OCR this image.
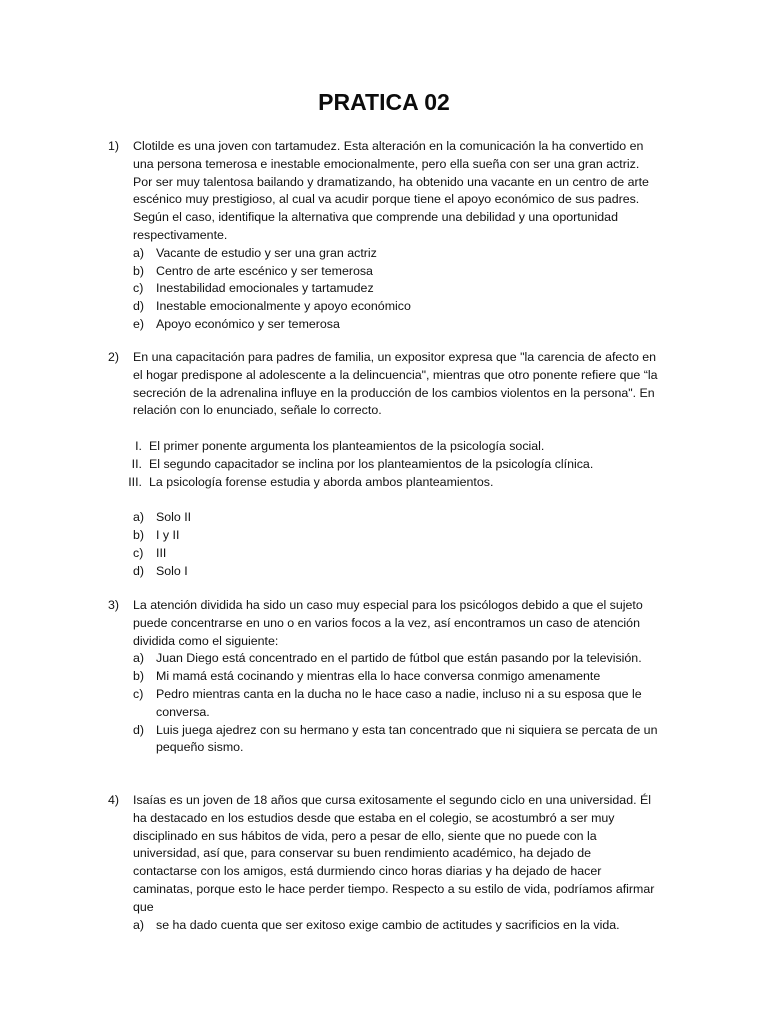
PRATICA 02
1)	Clotilde es una joven con tartamudez. Esta alteración en la comunicación la ha convertido en una persona temerosa e inestable emocionalmente, pero ella sueña con ser una gran actriz. Por ser muy talentosa bailando y dramatizando, ha obtenido una vacante en un centro de arte escénico muy prestigioso, al cual va acudir porque tiene el apoyo económico de sus padres. Según el caso, identifique la alternativa que comprende una debilidad y una oportunidad respectivamente.
a) Vacante de estudio y ser una gran actriz
b) Centro de arte escénico y ser temerosa
c)	Inestabilidad emocionales y tartamudez
d) Inestable emocionalmente y apoyo económico
e) Apoyo económico y ser temerosa
2)	En una capacitación para padres de familia, un expositor expresa que "la carencia de afecto en el hogar predispone al adolescente a la delincuencia", mientras que otro ponente refiere que “la secreción de la adrenalina influye en la producción de los cambios violentos en la persona". En relación con lo enunciado, señale lo correcto.
I. El primer ponente argumenta los planteamientos de la psicología social.
II. El segundo capacitador se inclina por los planteamientos de la psicología clínica.
III. La psicología forense estudia y aborda ambos planteamientos.
a) Solo II
b) I y II
c)	III
d) Solo I
3)	La atención dividida ha sido un caso muy especial para los psicólogos debido a que el sujeto puede concentrarse en uno o en varios focos a la vez, así encontramos un caso de atención dividida como el siguiente:
a) Juan Diego está concentrado en el partido de fútbol que están pasando por la televisión.
b) Mi mamá está cocinando y mientras ella lo hace conversa conmigo amenamente
c)	Pedro mientras canta en la ducha no le hace caso a nadie, incluso ni a su esposa que le conversa.
d) Luis juega ajedrez con su hermano y esta tan concentrado que ni siquiera se percata de un pequeño sismo.
4)	Isaías es un joven de 18 años que cursa exitosamente el segundo ciclo en una universidad. Él ha destacado en los estudios desde que estaba en el colegio, se acostumbró a ser muy disciplinado en sus hábitos de vida, pero a pesar de ello, siente que no puede con la universidad, así que, para conservar su buen rendimiento académico, ha dejado de contactarse con los amigos, está durmiendo cinco horas diarias y ha dejado de hacer caminatas, porque esto le hace perder tiempo. Respecto a su estilo de vida, podríamos afirmar que
a) se ha dado cuenta que ser exitoso exige cambio de actitudes y sacrificios en la vida.
